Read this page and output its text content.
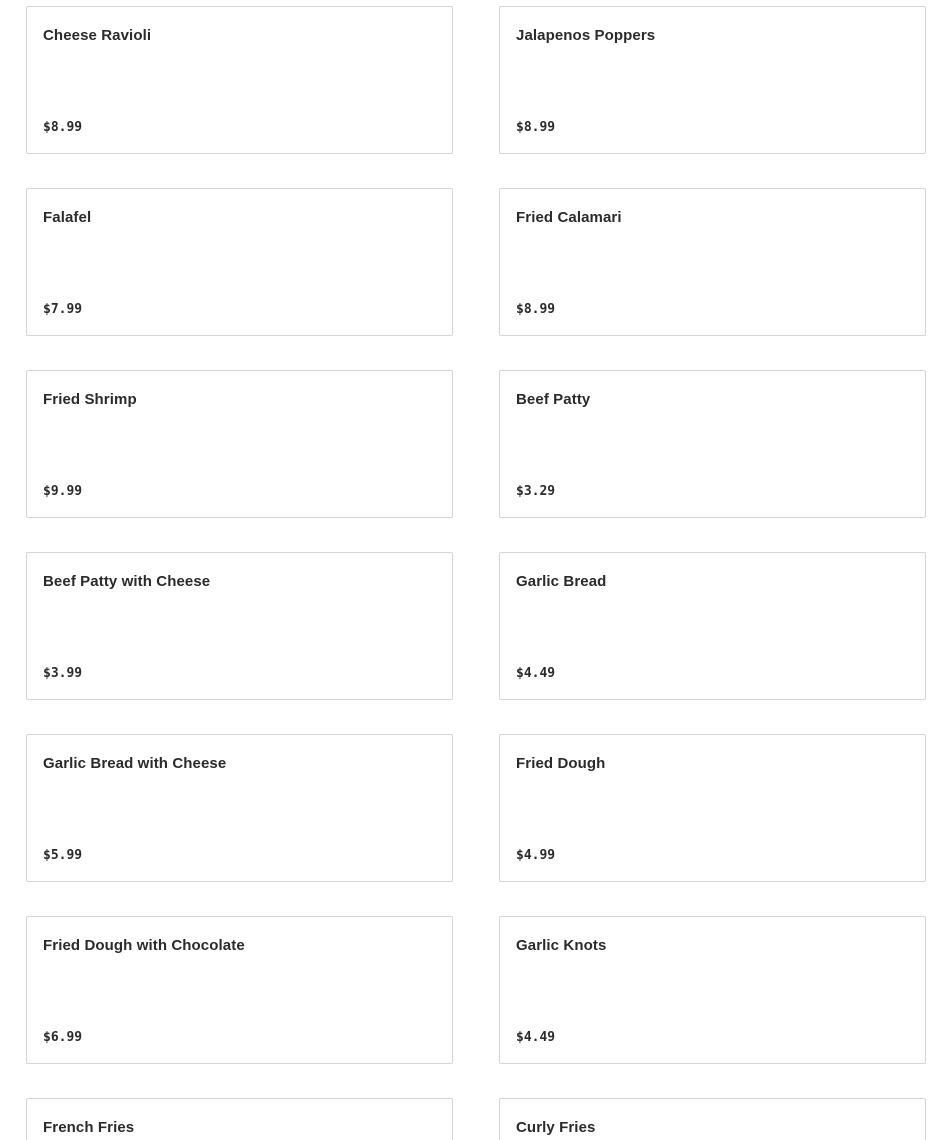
Cheese Ravioli
$8.99
Jalapenos Poppers
$8.99
Falafel
$7.99
Fried Calamari
$8.99
Fried Shrimp
$9.99
Beef Patty
$3.29
Beef Patty with Cheese
$3.99
Garlic Bread
$4.49
Garlic Bread with Cheese
$5.99
Fried Dough
$4.99
Fried Dough with Chocolate
$6.99
Garlic Knots
$4.49
French Fries	Curly Fries
